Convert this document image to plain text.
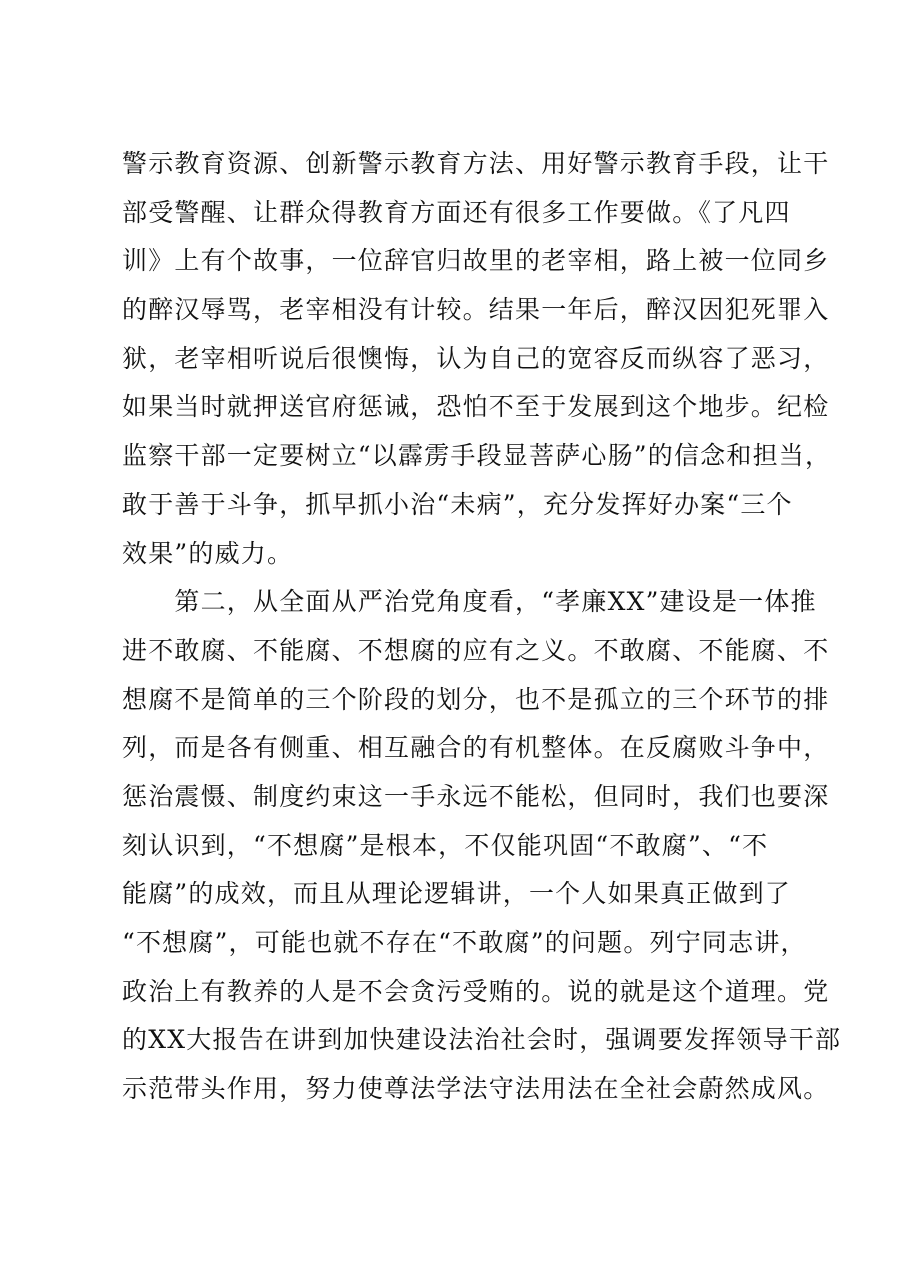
警示教育资源、创新警示教育方法、用好警示教育手段，让干
部受警醒、让群众得教育方面还有很多工作要做。《了凡四
训》上有个故事，一位辞官归故里的老宰相，路上被一位同乡
的醉汉辱骂，老宰相没有计较。结果一年后，醉汉因犯死罪入
狱，老宰相听说后很懊悔，认为自己的宽容反而纵容了恶习，
如果当时就押送官府惩诫，恐怕不至于发展到这个地步。纪检
监察干部一定要树立“以霹雳手段显菩萨心肠”的信念和担当，
敢于善于斗争，抓早抓小治“未病”，充分发挥好办案“三个
效果”的威力。
　　第二，从全面从严治党角度看，“孝廉XX”建设是一体推
进不敢腐、不能腐、不想腐的应有之义。不敢腐、不能腐、不
想腐不是简单的三个阶段的划分，也不是孤立的三个环节的排
列，而是各有侧重、相互融合的有机整体。在反腐败斗争中，
惩治震慑、制度约束这一手永远不能松，但同时，我们也要深
刻认识到，“不想腐”是根本，不仅能巩固“不敢腐”、“不
能腐”的成效，而且从理论逻辑讲，一个人如果真正做到了
“不想腐”，可能也就不存在“不敢腐”的问题。列宁同志讲，
政治上有教养的人是不会贪污受贿的。说的就是这个道理。党
的XX大报告在讲到加快建设法治社会时，强调要发挥领导干部
示范带头作用，努力使尊法学法守法用法在全社会蔚然成风。
